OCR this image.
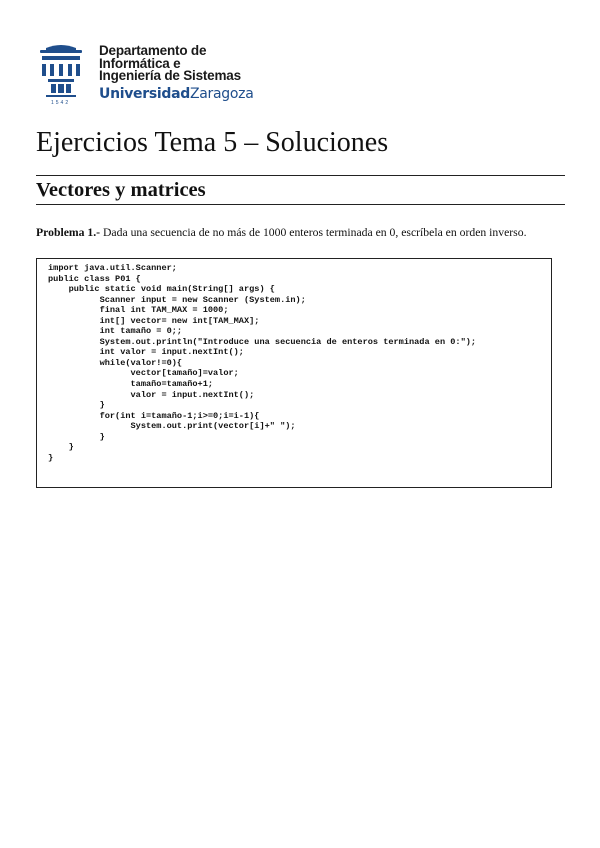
1542
Departamento de
Informática e
Ingeniería de Sistemas
UniversidadZaragoza
Ejercicios Tema 5 – Soluciones
Vectores y matrices
Problema 1.- Dada una secuencia de no más de 1000 enteros terminada en 0, escríbela en orden inverso.
import java.util.Scanner;
public class P01 {
public static void main(String[] args) {
Scanner input = new Scanner (System.in);
final int TAM_MAX = 1000;
int[] vector= new int[TAM_MAX];
int tamaño = 0;;
System.out.println("Introduce una secuencia de enteros terminada en 0:");
int valor = input.nextInt();
while(valor!=0){
vector[tamaño]=valor;
tamaño=tamaño+1;
valor = input.nextInt();
}
for(int i=tamaño-1;i>=0;i=i-1){
System.out.print(vector[i]+" ");
}
}
}
